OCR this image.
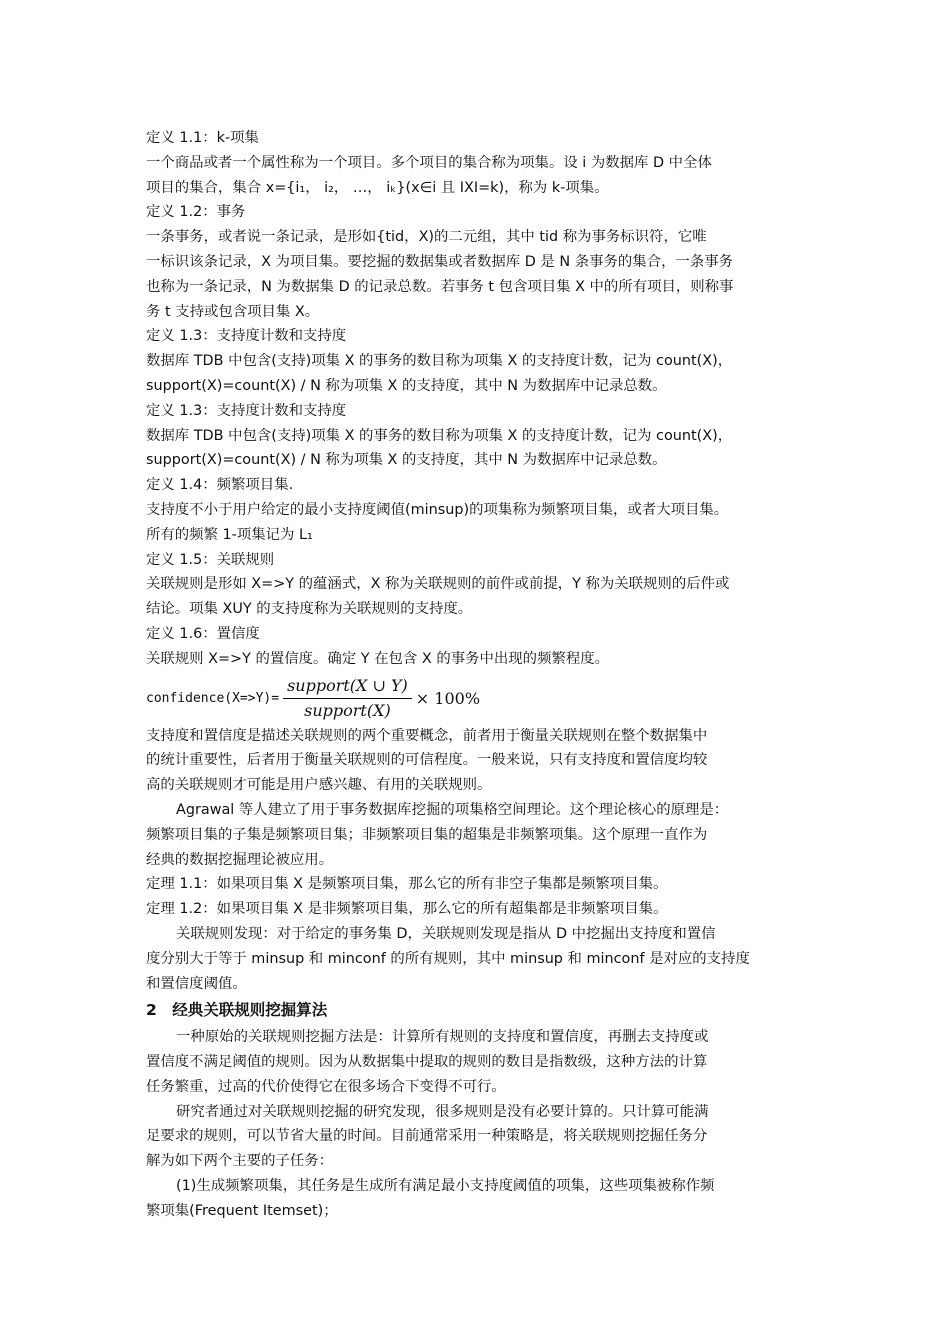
定义 1.1：k-项集

一个商品或者一个属性称为一个项目。多个项目的集合称为项集。设 i 为数据库 D 中全体

项目的集合，集合 x={i₁， i₂， …， iₖ}(x∈i 且 IXI=k)，称为 k-项集。

定义 1.2：事务

一条事务，或者说一条记录，是形如{tid，X)的二元组，其中 tid 称为事务标识符，它唯

一标识该条记录，X 为项目集。要挖掘的数据集或者数据库 D 是 N 条事务的集合，一条事务

也称为一条记录，N 为数据集 D 的记录总数。若事务 t 包含项目集 X 中的所有项目，则称事

务 t 支持或包含项目集 X。

定义 1.3：支持度计数和支持度

数据库 TDB 中包含(支持)项集 X 的事务的数目称为项集 X 的支持度计数，记为 count(X)，

support(X)=count(X) / N 称为项集 X 的支持度，其中 N 为数据库中记录总数。

定义 1.3：支持度计数和支持度

数据库 TDB 中包含(支持)项集 X 的事务的数目称为项集 X 的支持度计数，记为 count(X)，

support(X)=count(X) / N 称为项集 X 的支持度，其中 N 为数据库中记录总数。

定义 1.4：频繁项目集.

支持度不小于用户给定的最小支持度阈值(minsup)的项集称为频繁项目集，或者大项目集。

所有的频繁 1-项集记为 L₁

定义 1.5：关联规则

关联规则是形如 X=>Y 的蕴涵式，X 称为关联规则的前件或前提，Y 称为关联规则的后件或

结论。项集 XUY 的支持度称为关联规则的支持度。

定义 1.6：置信度

关联规则 X=>Y 的置信度。确定 Y 在包含 X 的事务中出现的频繁程度。

confidence(X=>Y)= $\frac{\text{support(X ∪ Y)}}{\text{support(X)}} \times 100\%$

支持度和置信度是描述关联规则的两个重要概念，前者用于衡量关联规则在整个数据集中

的统计重要性，后者用于衡量关联规则的可信程度。一般来说，只有支持度和置信度均较

高的关联规则才可能是用户感兴趣、有用的关联规则。

Agrawal 等人建立了用于事务数据库挖掘的项集格空间理论。这个理论核心的原理是：

频繁项目集的子集是频繁项目集；非频繁项目集的超集是非频繁项集。这个原理一直作为

经典的数据挖掘理论被应用。

定理 1.1：如果项目集 X 是频繁项目集，那么它的所有非空子集都是频繁项目集。

定理 1.2：如果项目集 X 是非频繁项目集，那么它的所有超集都是非频繁项目集。

关联规则发现：对于给定的事务集 D，关联规则发现是指从 D 中挖掘出支持度和置信

度分别大于等于 minsup 和 minconf 的所有规则，其中 minsup 和 minconf 是对应的支持度

和置信度阈值。

2　经典关联规则挖掘算法

一种原始的关联规则挖掘方法是：计算所有规则的支持度和置信度，再删去支持度或

置信度不满足阈值的规则。因为从数据集中提取的规则的数目是指数级，这种方法的计算

任务繁重，过高的代价使得它在很多场合下变得不可行。

研究者通过对关联规则挖掘的研究发现，很多规则是没有必要计算的。只计算可能满

足要求的规则，可以节省大量的时间。目前通常采用一种策略是，将关联规则挖掘任务分

解为如下两个主要的子任务：

(1)生成频繁项集，其任务是生成所有满足最小支持度阈值的项集，这些项集被称作频

繁项集(Frequent Itemset)；
